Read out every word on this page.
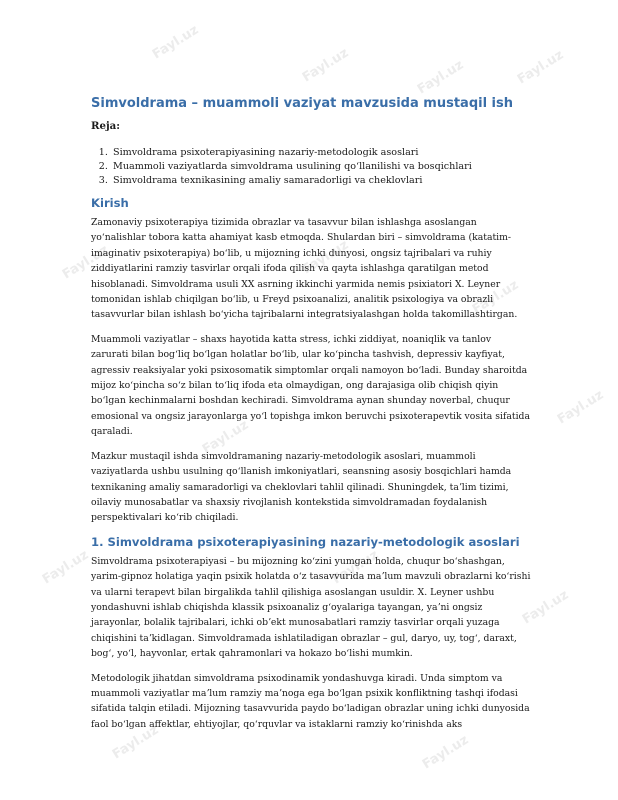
Fayl.uz	Fayl.uz	Fayl.uz
Fayl.uz
Fayl.uz	Fayl.uz
Fayl.uz
Fayl.uz
Fayl.uz
Fayl.uz	Fayl.uz
Fayl.uz
Fayl.uz	Fayl.uz
Simvoldrama – muammoli vaziyat mavzusida mustaqil ish
Reja:
1. Simvoldrama psixoterapiyasining nazariy-metodologik asoslari
2. Muammoli vaziyatlarda simvoldrama usulining qoʻllanilishi va bosqichlari
3. Simvoldrama texnikasining amaliy samaradorligi va cheklovlari
Kirish

Zamonaviy psixoterapiya tizimida obrazlar va tasavvur bilan ishlashga asoslangan yoʻnalishlar tobora katta ahamiyat kasb etmoqda. Shulardan biri – simvoldrama (katatim-imaginativ psixoterapiya) boʻlib, u mijozning ichki dunyosi, ongsiz tajribalari va ruhiy ziddiyatlarini ramziy tasvirlar orqali ifoda qilish va qayta ishlashga qaratilgan metod hisoblanadi. Simvoldrama usuli XX asrning ikkinchi yarmida nemis psixiatori X. Leyner tomonidan ishlab chiqilgan boʻlib, u Freyd psixoanalizi, analitik psixologiya va obrazli tasavvurlar bilan ishlash boʻyicha tajribalarni integratsiyalashgan holda takomillashtirgan.

Muammoli vaziyatlar – shaxs hayotida katta stress, ichki ziddiyat, noaniqlik va tanlov zarurati bilan bogʻliq boʻlgan holatlar boʻlib, ular koʻpincha tashvish, depressiv kayfiyat, agressiv reaksiyalar yoki psixosomatik simptomlar orqali namoyon boʻladi. Bunday sharoitda mijoz koʻpincha soʻz bilan toʻliq ifoda eta olmaydigan, ong darajasiga olib chiqish qiyin boʻlgan kechinmalarni boshdan kechiradi. Simvoldrama aynan shunday noverbal, chuqur emosional va ongsiz jarayonlarga yoʻl topishga imkon beruvchi psixoterapevtik vosita sifatida qaraladi.

Mazkur mustaqil ishda simvoldramaning nazariy-metodologik asoslari, muammoli vaziyatlarda ushbu usulning qoʻllanish imkoniyatlari, seansning asosiy bosqichlari hamda texnikaning amaliy samaradorligi va cheklovlari tahlil qilinadi. Shuningdek, taʼlim tizimi, oilaviy munosabatlar va shaxsiy rivojlanish kontekstida simvoldramadan foydalanish perspektivalari koʻrib chiqiladi.

1. Simvoldrama psixoterapiyasining nazariy-metodologik asoslari

Simvoldrama psixoterapiyasi – bu mijozning koʻzini yumgan holda, chuqur boʻshashgan, yarim-gipnoz holatiga yaqin psixik holatda oʻz tasavvurida maʼlum mavzuli obrazlarni koʻrishi va ularni terapevt bilan birgalikda tahlil qilishiga asoslangan usuldir. X. Leyner ushbu yondashuvni ishlab chiqishda klassik psixoanaliz gʻoyalariga tayangan, yaʼni ongsiz jarayonlar, bolalik tajribalari, ichki obʼekt munosabatlari ramziy tasvirlar orqali yuzaga chiqishini taʼkidlagan. Simvoldramada ishlatiladigan obrazlar – gul, daryo, uy, togʻ, daraxt, bogʻ, yoʻl, hayvonlar, ertak qahramonlari va hokazo boʻlishi mumkin.

Metodologik jihatdan simvoldrama psixodinamik yondashuvga kiradi. Unda simptom va muammoli vaziyatlar maʼlum ramziy maʼnoga ega boʻlgan psixik konfliktning tashqi ifodasi sifatida talqin etiladi. Mijozning tasavvurida paydo boʻladigan obrazlar uning ichki dunyosida faol boʻlgan affektlar, ehtiyojlar, qoʻrquvlar va istaklarni ramziy koʻrinishda aks
